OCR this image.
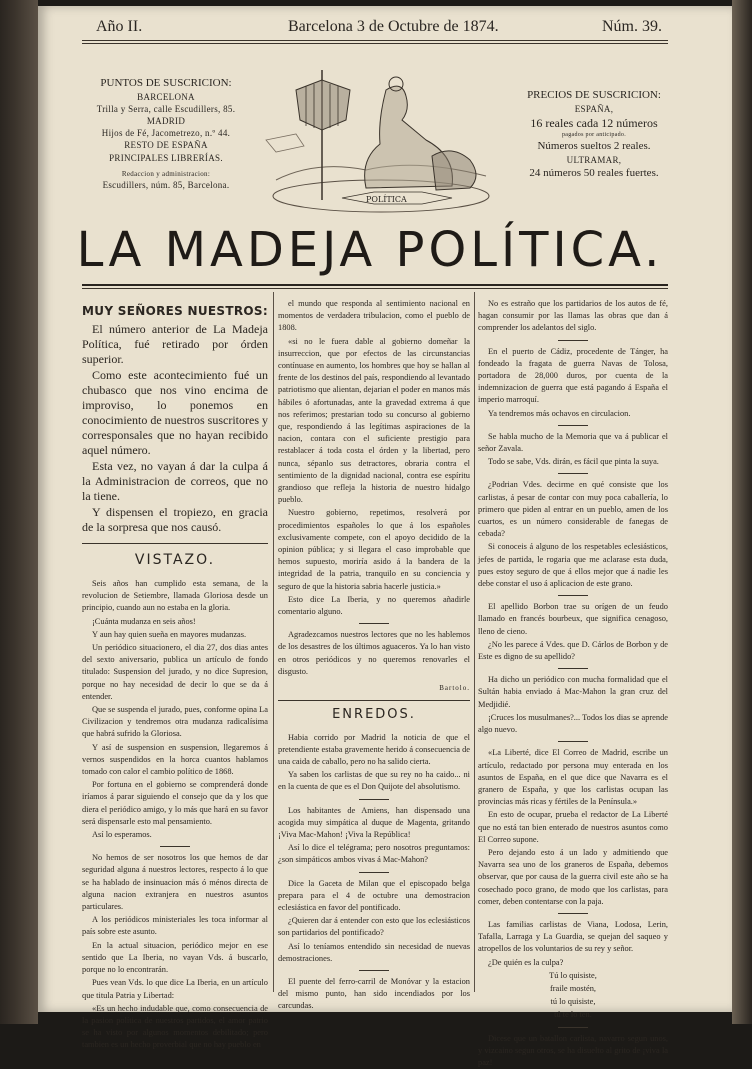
Año II.	Barcelona 3 de Octubre de 1874.	Núm. 39.
PUNTOS DE SUSCRICION:
BARCELONA
Trilla y Serra, calle Escudillers, 85.
MADRID
Hijos de Fé, Jacometrezo, n.º 44.
RESTO DE ESPAÑA
PRINCIPALES LIBRERÍAS.
Redaccion y administracion:
Escudillers, núm. 85, Barcelona.
POLÍTICA
PRECIOS DE SUSCRICION:
ESPAÑA,
16 reales cada 12 números
pagados por anticipado.
Números sueltos 2 reales.
ULTRAMAR,
24 números 50 reales fuertes.
LA MADEJA POLÍTICA.
MUY SEÑORES NUESTROS:

El número anterior de La Madeja Política, fué retirado por órden superior.

Como este acontecimiento fué un chubasco que nos vino encima de improviso, lo ponemos en conocimiento de nuestros suscritores y corresponsales que no hayan recibido aquel número.

Esta vez, no vayan á dar la culpa á la Administracion de correos, que no la tiene.

Y dispensen el tropiezo, en gracia de la sorpresa que nos causó.

VISTAZO.

Seis años han cumplido esta semana, de la revolucion de Setiembre, llamada Gloriosa desde un principio, cuando aun no estaba en la gloria.

¡Cuánta mudanza en seis años!

Y aun hay quien sueña en mayores mudanzas.

Un periódico situacionero, el dia 27, dos dias antes del sexto aniversario, publica un artículo de fondo titulado: Suspension del jurado, y no dice Supresion, porque no hay necesidad de decir lo que se da á entender.

Que se suspenda el jurado, pues, conforme opina La Civilizacion y tendremos otra mudanza radicalísima que habrá sufrido la Gloriosa.

Y así de suspension en suspension, llegaremos á vernos suspendidos en la horca cuantos hablamos tomado con calor el cambio político de 1868.

Por fortuna en el gobierno se comprenderá donde iríamos á parar siguiendo el consejo que da y los que diera el periódico amigo, y lo más que hará en su favor será dispensarle esto mal pensamiento.

Así lo esperamos.

No hemos de ser nosotros los que hemos de dar seguridad alguna á nuestros lectores, respecto á lo que se ha hablado de insinuacion más ó ménos directa de alguna nacion extranjera en nuestros asuntos particulares.

A los periódicos ministeriales les toca informar al país sobre este asunto.

En la actual situacion, periódico mejor en ese sentido que La Iberia, no vayan Vds. á buscarlo, porque no lo encontrarán.

Pues vean Vds. lo que dice La Iberia, en un artículo que titula Patria y Libertad:

«Es un hecho indudable que, como consecuencia de la pasion política de nuestros partidos, el amor patrio se ha visto por algunos momentos debilitado; pero tambien es un hecho proverbial que no hay pueblo en

el mundo que responda al sentimiento nacional en momentos de verdadera tribulacion, como el pueblo de 1808.

«si no le fuera dable al gobierno domeñar la insurreccion, que por efectos de las circunstancias contínuase en aumento, los hombres que hoy se hallan al frente de los destinos del país, respondiendo al levantado patriotismo que alientan, dejarian el poder en manos más hábiles ó afortunadas, ante la gravedad extrema á que nos referimos; prestarian todo su concurso al gobierno que, respondiendo á las legítimas aspiraciones de la nacion, contara con el suficiente prestigio para restablacer á toda costa el órden y la libertad, pero nunca, sépanlo sus detractores, obraria contra el sentimiento de la dignidad nacional, contra ese espíritu grandioso que refleja la historia de nuestro hidalgo pueblo.

Nuestro gobierno, repetimos, resolverá por procedimientos españoles lo que á los españoles exclusivamente compete, con el apoyo decidido de la opinion pública; y si llegara el caso improbable que hemos supuesto, moriría asido á la bandera de la integridad de la patria, tranquilo en su conciencia y seguro de que la historia sabria hacerle justicia.»

Esto dice La Iberia, y no queremos añadirle comentario alguno.

Agradezcamos nuestros lectores que no les hablemos de los desastres de los últimos aguaceros. Ya lo han visto en otros periódicos y no queremos renovarles el disgusto.

Bartolo.
ENREDOS.

Habia corrido por Madrid la noticia de que el pretendiente estaba gravemente herido á consecuencia de una caida de caballo, pero no ha salido cierta.

Ya saben los carlistas de que su rey no ha caido... ni en la cuenta de que es el Don Quijote del absolutismo.

Los habitantes de Amiens, han dispensado una acogida muy simpática al duque de Magenta, gritando ¡Viva Mac-Mahon! ¡Viva la República!

Así lo dice el telégrama; pero nosotros preguntamos: ¿son simpáticos ambos vivas á Mac-Mahon?

Dice la Gaceta de Milan que el episcopado belga prepara para el 4 de octubre una demostracion eclesiástica en favor del pontificado.

¿Quieren dar á entender con esto que los eclesiásticos son partidarios del pontificado?

Así lo teníamos entendido sin necesidad de nuevas demostraciones.

El puente del ferro-carril de Monóvar y la estacion del mismo punto, han sido incendiados por los carcundas.

No es estraño que los partidarios de los autos de fé, hagan consumir por las llamas las obras que dan á comprender los adelantos del siglo.

En el puerto de Cádiz, procedente de Tánger, ha fondeado la fragata de guerra Navas de Tolosa, portadora de 28,000 duros, por cuenta de la indemnizacion de guerra que está pagando á España el imperio marroquí.

Ya tendremos más ochavos en circulacion.

Se habla mucho de la Memoria que va á publicar el señor Zavala.

Todo se sabe, Vds. dirán, es fácil que pinta la suya.

¿Podrian Vdes. decirme en qué consiste que los carlistas, á pesar de contar con muy poca caballería, lo primero que piden al entrar en un pueblo, amen de los cuartos, es un número considerable de fanegas de cebada?

Si conoceis á alguno de los respetables eclesiásticos, jefes de partida, le rogaria que me aclarase esta duda, pues estoy seguro de que á ellos mejor que á nadie les debe constar el uso á aplicacion de este grano.

El apellido Borbon trae su orígen de un feudo llamado en francés bourbeux, que significa cenagoso, lleno de cieno.

¿No les parece á Vdes. que D. Cárlos de Borbon y de Este es digno de su apellido?

Ha dicho un periódico con mucha formalidad que el Sultán habia enviado á Mac-Mahon la gran cruz del Medjidié.

¡Cruces los musulmanes?... Todos los dias se aprende algo nuevo.

«La Liberté, dice El Correo de Madrid, escribe un artículo, redactado por persona muy enterada en los asuntos de España, en el que dice que Navarra es el granero de España, y que los carlistas ocupan las provincias más ricas y fértiles de la Península.»

En esto de ocupar, prueba el redactor de La Liberté que no está tan bien enterado de nuestros asuntos como El Correo supone.

Pero dejando esto á un lado y admitiendo que Navarra sea uno de los graneros de España, debemos observar, que por causa de la guerra civil este año se ha cosechado poco grano, de modo que los carlistas, para comer, deben contentarse con la paja.

Las familias carlistas de Viana, Lodosa, Lerin, Tafalla, Larraga y La Guardia, se quejan del saqueo y atropellos de los voluntarios de su rey y señor.

¿De quién es la culpa?

Tú lo quisiste,

fraile mostén,

tú lo quisiste,

tú te lo ten.

Dicese que un batallon carlista, navarro segun unos, y vizcaino segun otros, se ha disuelto al grito de ¡viva la paz!
